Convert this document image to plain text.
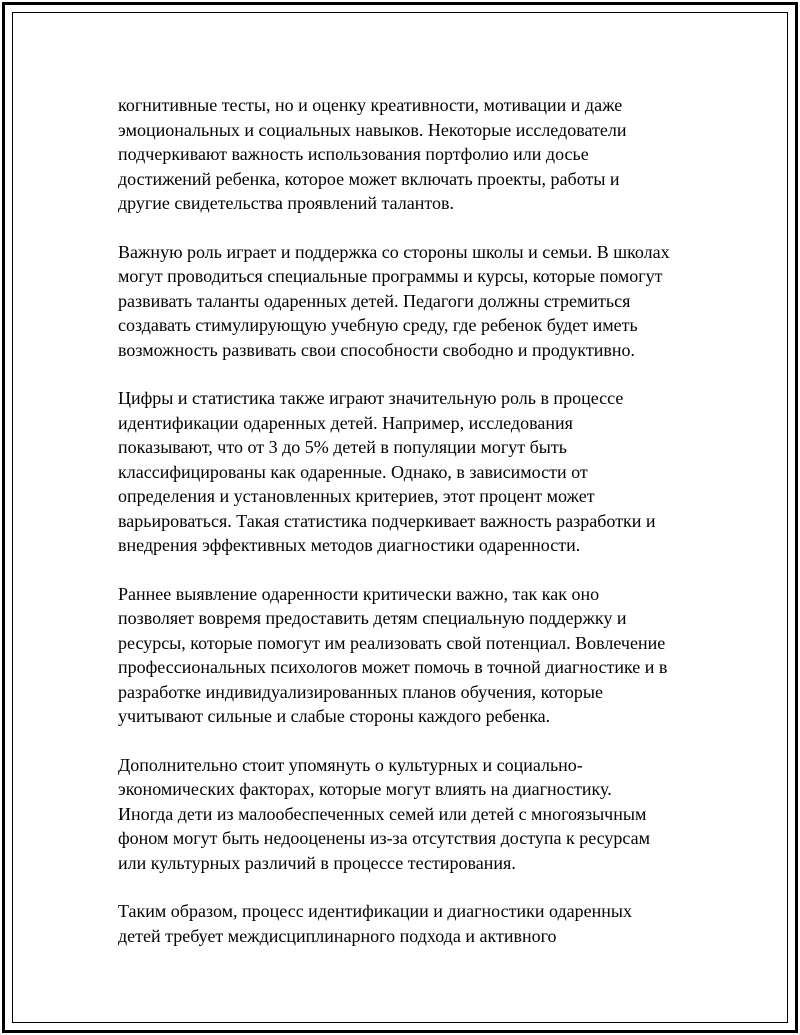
когнитивные тесты, но и оценку креативности, мотивации и даже
эмоциональных и социальных навыков. Некоторые исследователи
подчеркивают важность использования портфолио или досье
достижений ребенка, которое может включать проекты, работы и
другие свидетельства проявлений талантов.

Важную роль играет и поддержка со стороны школы и семьи. В школах
могут проводиться специальные программы и курсы, которые помогут
развивать таланты одаренных детей. Педагоги должны стремиться
создавать стимулирующую учебную среду, где ребенок будет иметь
возможность развивать свои способности свободно и продуктивно.

Цифры и статистика также играют значительную роль в процессе
идентификации одаренных детей. Например, исследования
показывают, что от 3 до 5% детей в популяции могут быть
классифицированы как одаренные. Однако, в зависимости от
определения и установленных критериев, этот процент может
варьироваться. Такая статистика подчеркивает важность разработки и
внедрения эффективных методов диагностики одаренности.

Раннее выявление одаренности критически важно, так как оно
позволяет вовремя предоставить детям специальную поддержку и
ресурсы, которые помогут им реализовать свой потенциал. Вовлечение
профессиональных психологов может помочь в точной диагностике и в
разработке индивидуализированных планов обучения, которые
учитывают сильные и слабые стороны каждого ребенка.

Дополнительно стоит упомянуть о культурных и социально-
экономических факторах, которые могут влиять на диагностику.
Иногда дети из малообеспеченных семей или детей с многоязычным
фоном могут быть недооценены из-за отсутствия доступа к ресурсам
или культурных различий в процессе тестирования.

Таким образом, процесс идентификации и диагностики одаренных
детей требует междисциплинарного подхода и активного
